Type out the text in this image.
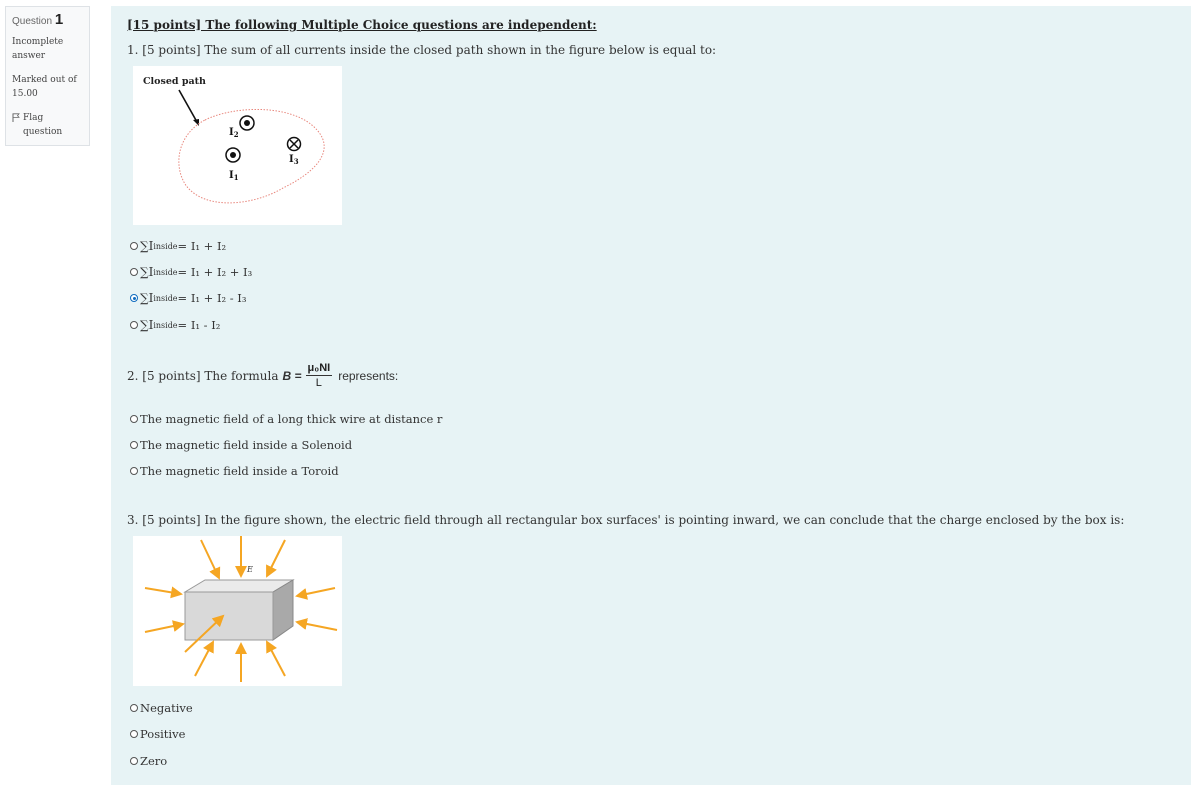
Question 1
Incomplete
answer
Marked out of
15.00
Flag
question
[15 points] The following Multiple Choice questions are independent:
1. [5 points] The sum of all currents inside the closed path shown in the figure below is equal to:
Closed path
$I_2$
$I_1$
$I_3$
∑I inside = I₁ + I₂
∑I inside = I₁ + I₂ + I₃
∑I inside = I₁ + I₂ - I₃
∑I inside = I₁ - I₂
2. [5 points] The formula $B = \frac{\text{μ₀NI}}{L}$ represents:
The magnetic field of a long thick wire at distance r
The magnetic field inside a Solenoid
The magnetic field inside a Toroid
3. [5 points] In the figure shown, the electric field through all rectangular box surfaces' is pointing inward, we can conclude that the charge enclosed by the box is:
E
Negative
Positive
Zero
